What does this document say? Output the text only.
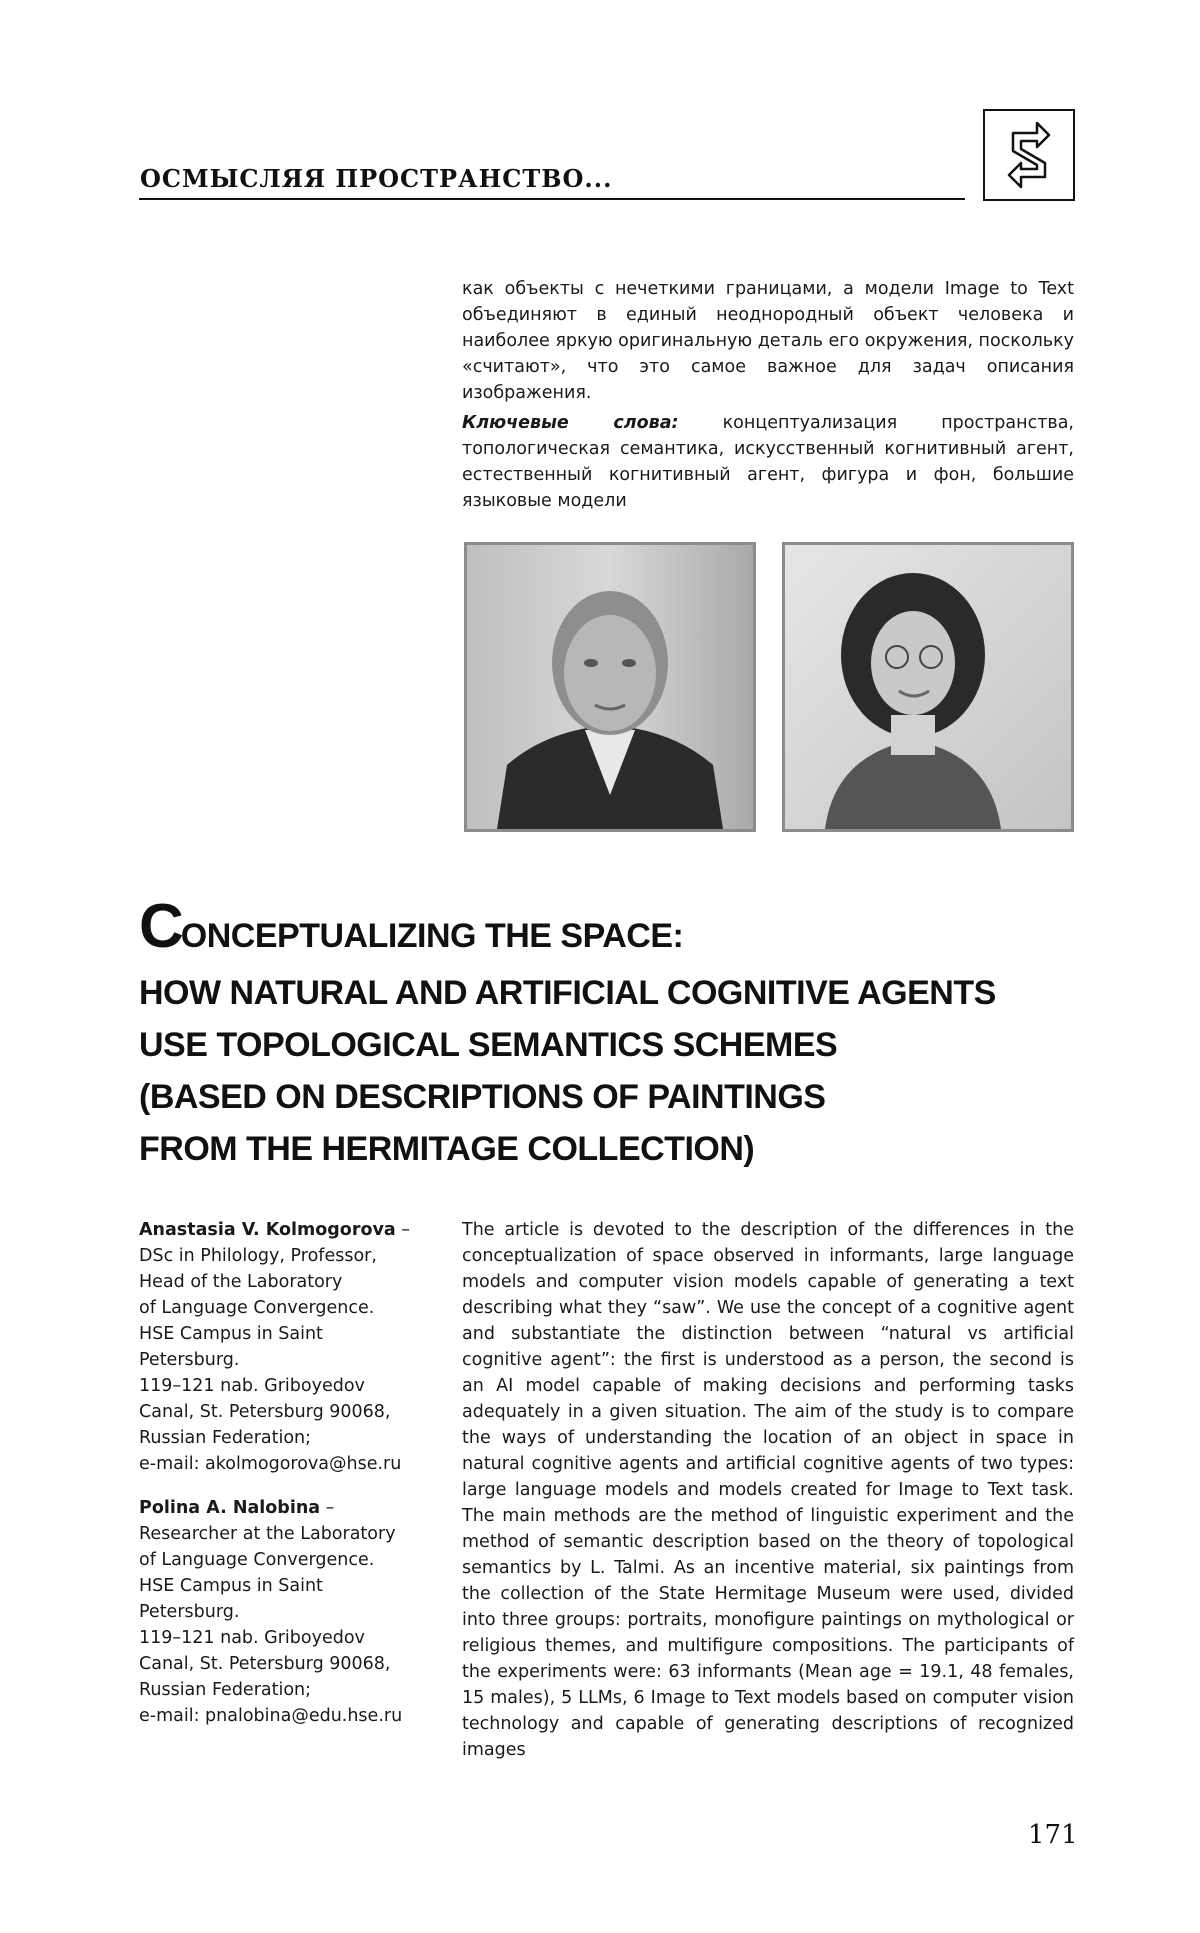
ОСМЫСЛЯЯ ПРОСТРАНСТВО...

как объекты с нечеткими границами, а модели Image to Text объединяют в единый неоднородный объект человека и наиболее яркую оригинальную деталь его окружения, поскольку «считают», что это самое важное для задач описания изображения.

Ключевые слова: концептуализация пространства, топологическая семантика, искусственный когнитивный агент, естественный когнитивный агент, фигура и фон, большие языковые модели

CONCEPTUALIZING THE SPACE:
HOW NATURAL AND ARTIFICIAL COGNITIVE AGENTS
USE TOPOLOGICAL SEMANTICS SCHEMES
(BASED ON DESCRIPTIONS OF PAINTINGS
FROM THE HERMITAGE COLLECTION)
Anastasia V. Kolmogorova –
DSc in Philology, Professor,
Head of the Laboratory
of Language Convergence.
HSE Campus in Saint
Petersburg.
119–121 nab. Griboyedov
Canal, St. Petersburg 90068,
Russian Federation;
e-mail: akolmogorova@hse.ru
Polina A. Nalobina –
Researcher at the Laboratory
of Language Convergence.
HSE Campus in Saint
Petersburg.
119–121 nab. Griboyedov
Canal, St. Petersburg 90068,
Russian Federation;
e-mail: pnalobina@edu.hse.ru

The article is devoted to the description of the differences in the conceptualization of space observed in informants, large language models and computer vision models capable of generating a text describing what they “saw”. We use the concept of a cognitive agent and substantiate the distinction between “natural vs artificial cognitive agent”: the first is understood as a person, the second is an AI model capable of making decisions and performing tasks adequately in a given situation. The aim of the study is to compare the ways of understanding the location of an object in space in natural cognitive agents and artificial cognitive agents of two types: large language models and models created for Image to Text task. The main methods are the method of linguistic experiment and the method of semantic description based on the theory of topological semantics by L. Talmi. As an incentive material, six paintings from the collection of the State Hermitage Museum were used, divided into three groups: portraits, monofigure paintings on mythological or religious themes, and multifigure compositions. The participants of the experiments were: 63 informants (Mean age = 19.1, 48 females, 15 males), 5 LLMs, 6 Image to Text models based on computer vision technology and capable of generating descriptions of recognized images

171
